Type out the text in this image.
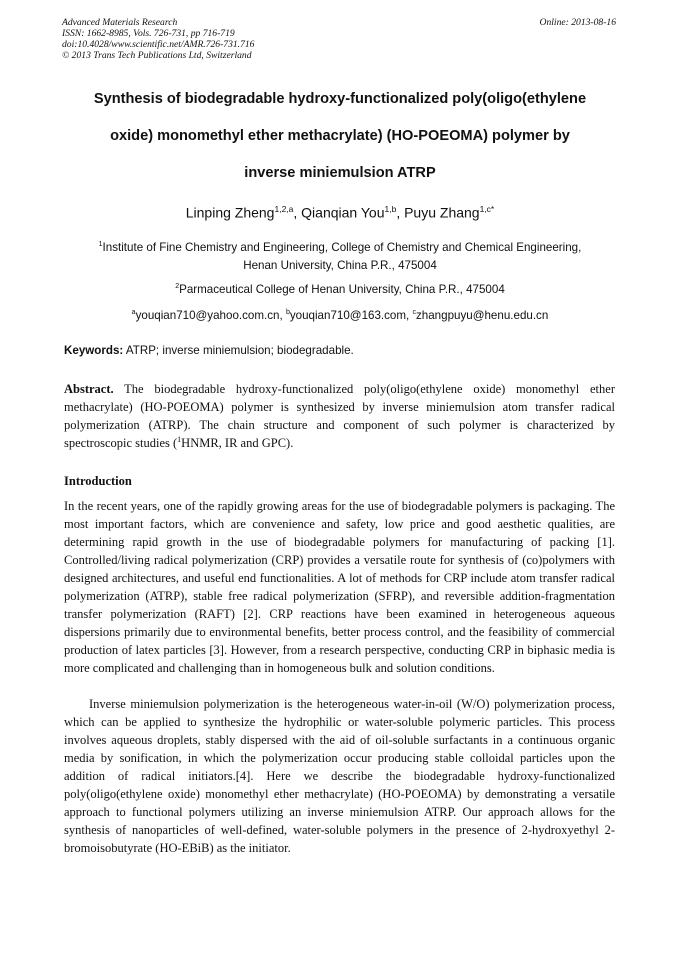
Advanced Materials Research
ISSN: 1662-8985, Vols. 726-731, pp 716-719
doi:10.4028/www.scientific.net/AMR.726-731.716
© 2013 Trans Tech Publications Ltd, Switzerland
Online: 2013-08-16
Synthesis of biodegradable hydroxy-functionalized poly(oligo(ethylene
oxide) monomethyl ether methacrylate) (HO-POEOMA) polymer by
inverse miniemulsion ATRP
Linping Zheng$^{1,2,a}$, Qianqian You$^{1,b}$, Puyu Zhang$^{1,c*}$
$^1$Institute of Fine Chemistry and Engineering, College of Chemistry and Chemical Engineering,
Henan University, China P.R., 475004
$^2$Parmaceutical College of Henan University, China P.R., 475004
$^a$youqian710@yahoo.com.cn, $^b$youqian710@163.com, $^c$zhangpuyu@henu.edu.cn
Keywords: ATRP; inverse miniemulsion; biodegradable.

Abstract. The biodegradable hydroxy-functionalized poly(oligo(ethylene oxide) monomethyl ether methacrylate) (HO-POEOMA) polymer is synthesized by inverse miniemulsion atom transfer radical polymerization (ATRP). The chain structure and component of such polymer is characterized by spectroscopic studies ($^1$HNMR, IR and GPC).

Introduction

In the recent years, one of the rapidly growing areas for the use of biodegradable polymers is packaging. The most important factors, which are convenience and safety, low price and good aesthetic qualities, are determining rapid growth in the use of biodegradable polymers for manufacturing of packing [1]. Controlled/living radical polymerization (CRP) provides a versatile route for synthesis of (co)polymers with designed architectures, and useful end functionalities. A lot of methods for CRP include atom transfer radical polymerization (ATRP), stable free radical polymerization (SFRP), and reversible addition-fragmentation transfer polymerization (RAFT) [2]. CRP reactions have been examined in heterogeneous aqueous dispersions primarily due to environmental benefits, better process control, and the feasibility of commercial production of latex particles [3]. However, from a research perspective, conducting CRP in biphasic media is more complicated and challenging than in homogeneous bulk and solution conditions.

Inverse miniemulsion polymerization is the heterogeneous water-in-oil (W/O) polymerization process, which can be applied to synthesize the hydrophilic or water-soluble polymeric particles. This process involves aqueous droplets, stably dispersed with the aid of oil-soluble surfactants in a continuous organic media by sonification, in which the polymerization occur producing stable colloidal particles upon the addition of radical initiators.[4]. Here we describe the biodegradable hydroxy-functionalized poly(oligo(ethylene oxide) monomethyl ether methacrylate) (HO-POEOMA) by demonstrating a versatile approach to functional polymers utilizing an inverse miniemulsion ATRP. Our approach allows for the synthesis of nanoparticles of well-defined, water-soluble polymers in the presence of 2-hydroxyethyl 2-bromoisobutyrate (HO-EBiB) as the initiator.
